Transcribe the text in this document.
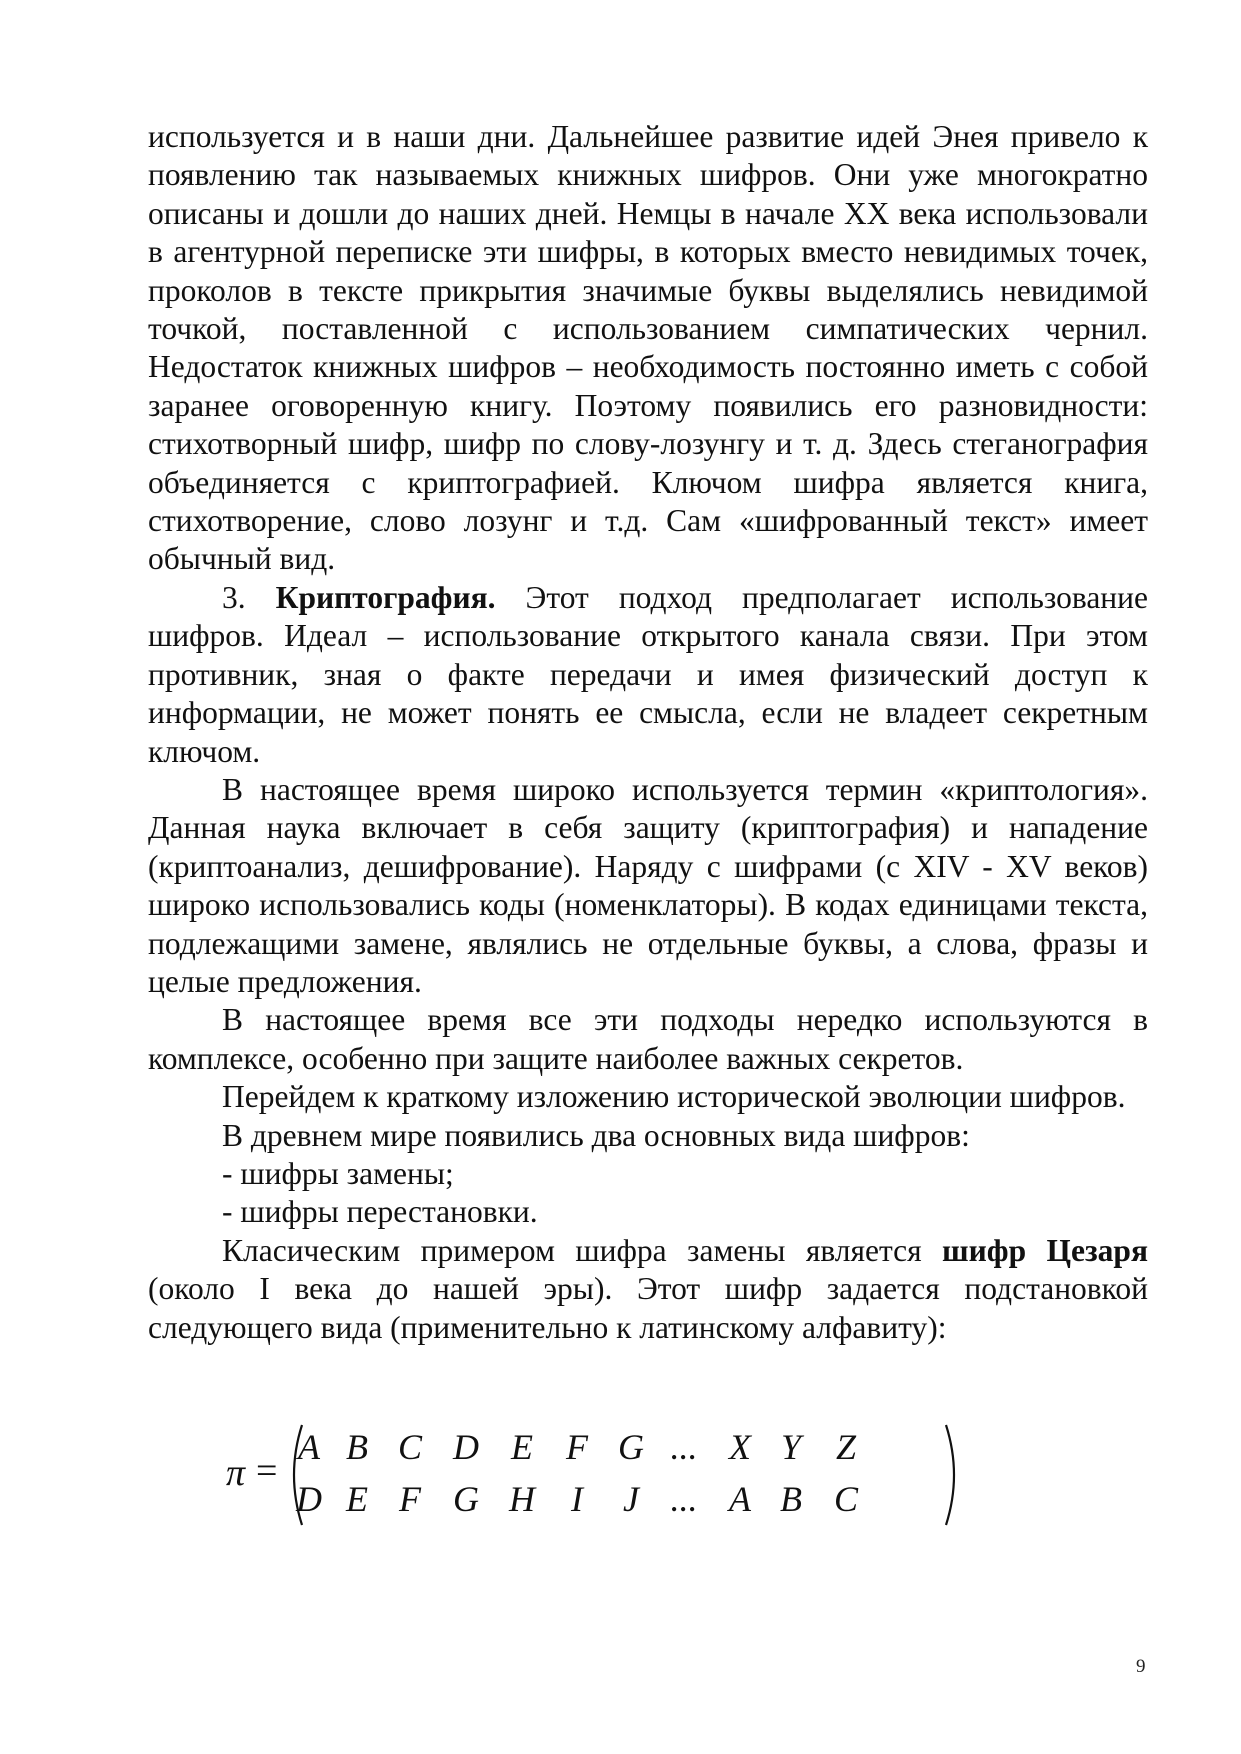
используется и в наши дни. Дальнейшее развитие идей Энея привело к появлению так называемых книжных шифров. Они уже многократно описаны и дошли до наших дней. Немцы в начале XX века использовали в агентурной переписке эти шифры, в которых вместо невидимых точек, проколов в тексте прикрытия значимые буквы выделялись невидимой точкой, поставленной с использованием симпатических чернил. Недостаток книжных шифров – необходимость постоянно иметь с собой заранее оговоренную книгу. Поэтому появились его разновидности: стихотворный шифр, шифр по слову-лозунгу и т. д. Здесь стеганография объединяется с криптографией. Ключом шифра является книга, стихотворение, слово лозунг и т.д. Сам «шифрованный текст» имеет обычный вид.

3. Криптография. Этот подход предполагает использование шифров. Идеал – использование открытого канала связи. При этом противник, зная о факте передачи и имея физический доступ к информации, не может понять ее смысла, если не владеет секретным ключом.

В настоящее время широко используется термин «криптология». Данная наука включает в себя защиту (криптография) и нападение (криптоанализ, дешифрование). Наряду с шифрами (с XIV - XV веков) широко использовались коды (номенклаторы). В кодах единицами текста, подлежащими замене, являлись не отдельные буквы, а слова, фразы и целые предложения.

В настоящее время все эти подходы нередко используются в комплексе, особенно при защите наиболее важных секретов.

Перейдем к краткому изложению исторической эволюции шифров.

В древнем мире появились два основных вида шифров:

- шифры замены;

- шифры перестановки.

Класическим примером шифра замены является шифр Цезаря (около I века до нашей эры). Этот шифр задается подстановкой следующего вида (применительно к латинскому алфавиту):

π =
A B C D E F G ... X Y Z
D E F G H	I	J ... A B C
9
